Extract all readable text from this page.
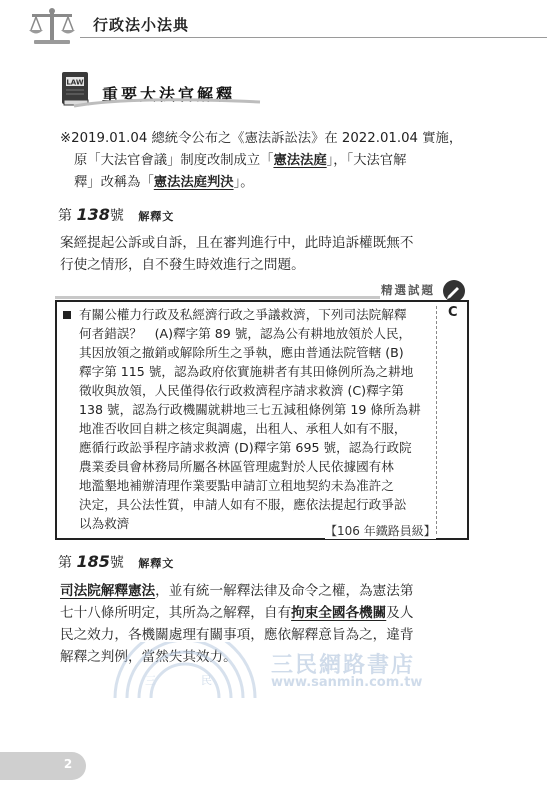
行政法小法典
LAW
重要大法官解釋
※2019.01.04 總統令公布之《憲法訴訟法》在 2022.01.04 實施，
原「大法官會議」制度改制成立「憲法法庭」，「大法官解
釋」改稱為「憲法法庭判決」。
第 138號 解釋文
案經提起公訴或自訴，且在審判進行中，此時追訴權既無不
行使之情形，自不發生時效進行之問題。
精選試題
有關公權力行政及私經濟行政之爭議救濟，下列司法院解釋
何者錯誤？　(A)釋字第 89 號，認為公有耕地放領於人民，
其因放領之撤銷或解除所生之爭執，應由普通法院管轄 (B)
釋字第 115 號，認為政府依實施耕者有其田條例所為之耕地
徵收與放領，人民僅得依行政救濟程序請求救濟 (C)釋字第
138 號，認為行政機關就耕地三七五減租條例第 19 條所為耕
地准否收回自耕之核定與調處，出租人、承租人如有不服，
應循行政訟爭程序請求救濟 (D)釋字第 695 號，認為行政院
農業委員會林務局所屬各林區管理處對於人民依據國有林
地濫墾地補辦清理作業要點申請訂立租地契約未為准許之
決定，具公法性質，申請人如有不服，應依法提起行政爭訟
以為救濟
C
【106 年鐵路員級】
第 185號 解釋文
司法院解釋憲法，並有統一解釋法律及命令之權，為憲法第
七十八條所明定，其所為之解釋，自有拘束全國各機關及人
民之效力，各機關處理有關事項，應依解釋意旨為之，違背
解釋之判例，當然失其效力。
三	民
三民網路書店
www.sanmin.com.tw
2
